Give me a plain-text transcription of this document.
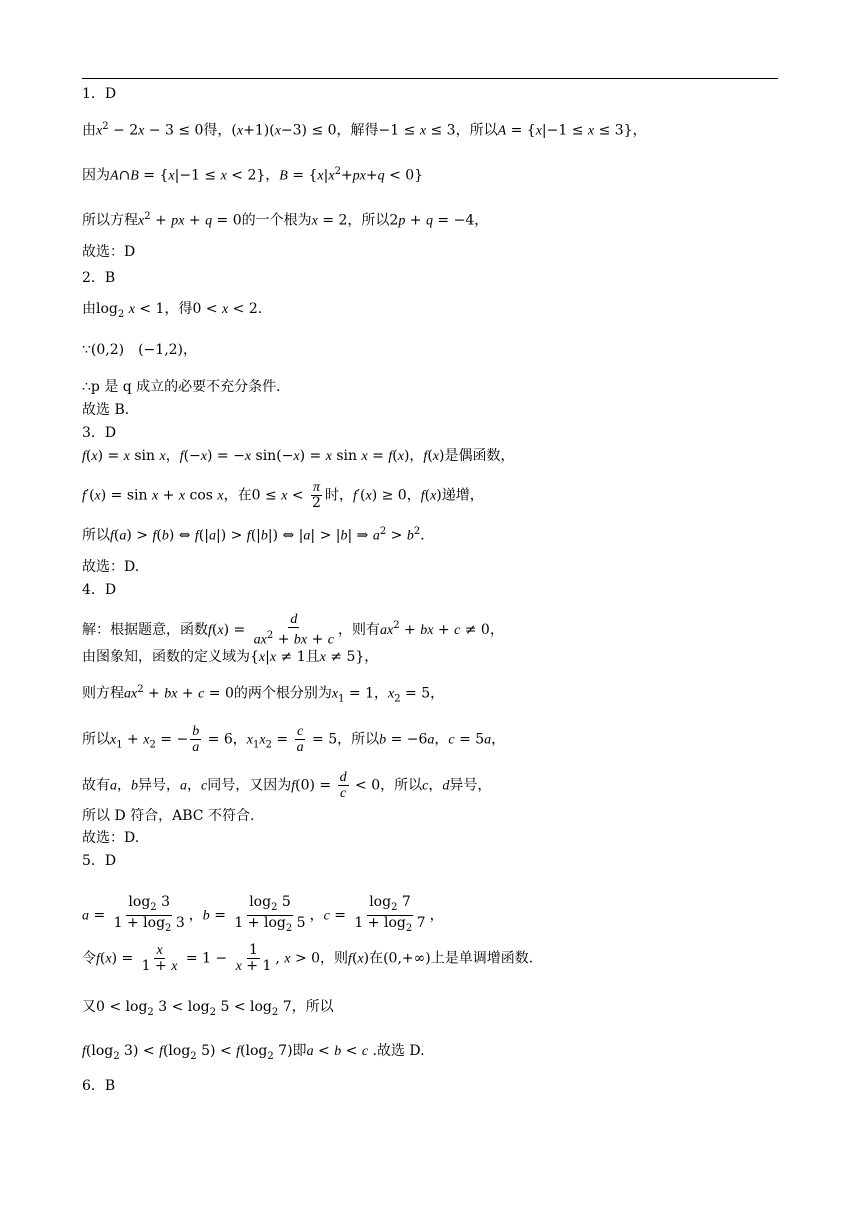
1．D
由$x^2 - 2x - 3 \le 0$得，(x+1)(x−3) ≤ 0，解得−1 ≤ x ≤ 3，所以A = {x|−1 ≤ x ≤ 3}，
因为A∩B = {x|−1 ≤ x < 2}，$B = \{x|x^2+px+q < 0\}$
所以方程$x^2$ + px + q = 0的一个根为x = 2，所以2p + q = −4，
故选：D
2．B
由$\log_2 x < 1$，得0 < x < 2．
∵(0,2)　(−1,2)，
∴p 是 q 成立的必要不充分条件．
故选 B．
3．D
f(x) = x sin x，f(−x) = −x sin(−x) = x sin x = f(x)，f(x)是偶函数，
f′(x) = sin x + x cos x，在$0 \le x < \frac{\pi}{2}$ 时，f′(x) ≥ 0，f(x)递增，
所以f(a) > f(b) ⇔ f(|a|) > f(|b|) ⇔ |a| > |b| ⇒ $a^2 > b^2$．
故选：D.
4．D
解：根据题意，函数$f(x) = \frac{d}{ax^2 + bx + c}$ ，则有$ax^2$ + bx + c ≠ 0，
由图象知，函数的定义域为{x|x ≠ 1且x ≠ 5}，
则方程$ax^2$ + bx + c = 0的两个根分别为$x_1 = 1$，$x_2 = 5$，
所以$x_1 + x_2$ = − $\frac{b}{a} = 6$，$x_1x_2 = \frac{c}{a} = 5$，所以b = −6a，c = 5a，
故有a，b异号，a，c同号，又因为$f(0) = \frac{d}{c} < 0$，所以c，d异号，
所以 D 符合，ABC 不符合.
故选：D.
5．D
$a = \frac{\log_2 3}{1 + \log_2 3}$ ，$b = \frac{\log_2 5}{1 + \log_2 5}$ ，$c = \frac{\log_2 7}{1 + \log_2 7}$ ，
令$f(x) = \frac{x}{1 + x} = 1 - \frac{1}{x + 1}$ , x > 0，则f(x)在(0,+∞)上是单调增函数.
又$0 < \log_2 3 < \log_2 5 < \log_2 7$，所以
$f(\log_2$ $3) < f(\log_2$ $5) < f(\log_2$ 7)即a < b < c .故选 D.
6．B
